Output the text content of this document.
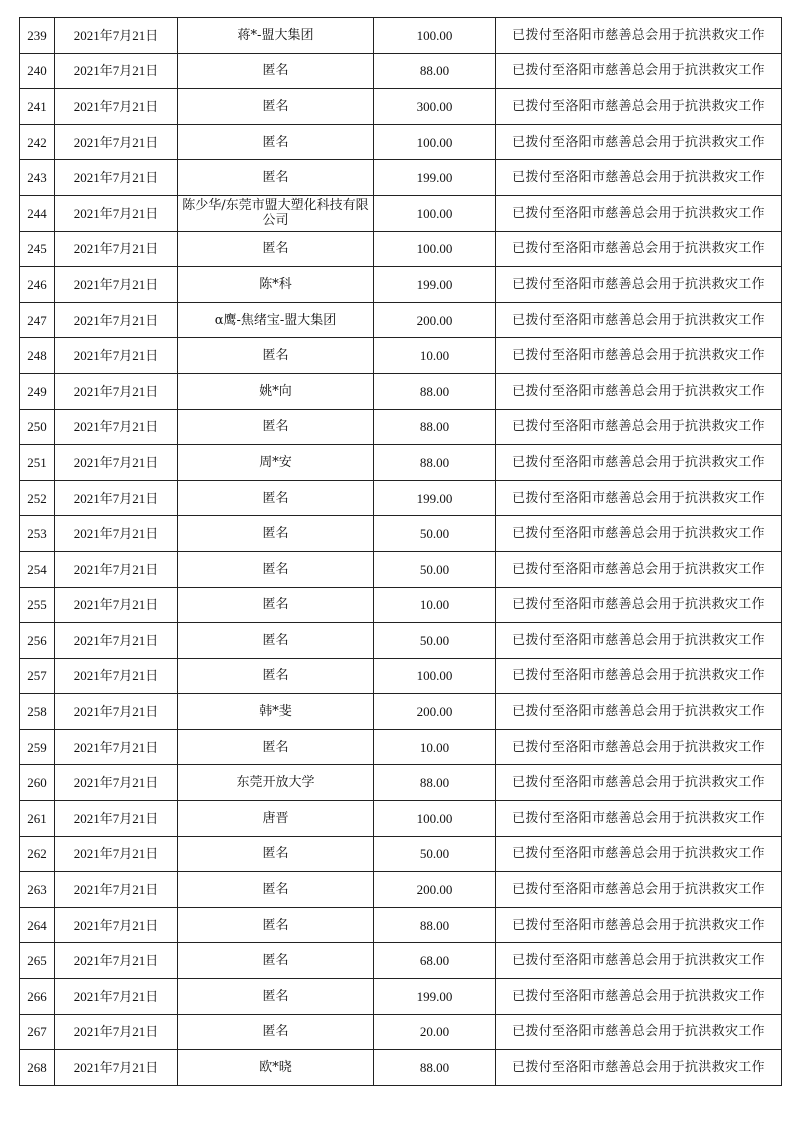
239	2021年7月21日	蒋*-盟大集团	100.00	已拨付至洛阳市慈善总会用于抗洪救灾工作
240	2021年7月21日	匿名	88.00	已拨付至洛阳市慈善总会用于抗洪救灾工作
241	2021年7月21日	匿名	300.00	已拨付至洛阳市慈善总会用于抗洪救灾工作
242	2021年7月21日	匿名	100.00	已拨付至洛阳市慈善总会用于抗洪救灾工作
243	2021年7月21日	匿名	199.00	已拨付至洛阳市慈善总会用于抗洪救灾工作
244	2021年7月21日	陈少华/东莞市盟大塑化科技有限公司	100.00	已拨付至洛阳市慈善总会用于抗洪救灾工作
245	2021年7月21日	匿名	100.00	已拨付至洛阳市慈善总会用于抗洪救灾工作
246	2021年7月21日	陈*科	199.00	已拨付至洛阳市慈善总会用于抗洪救灾工作
247	2021年7月21日	α鹰-焦绪宝-盟大集团	200.00	已拨付至洛阳市慈善总会用于抗洪救灾工作
248	2021年7月21日	匿名	10.00	已拨付至洛阳市慈善总会用于抗洪救灾工作
249	2021年7月21日	姚*向	88.00	已拨付至洛阳市慈善总会用于抗洪救灾工作
250	2021年7月21日	匿名	88.00	已拨付至洛阳市慈善总会用于抗洪救灾工作
251	2021年7月21日	周*安	88.00	已拨付至洛阳市慈善总会用于抗洪救灾工作
252	2021年7月21日	匿名	199.00	已拨付至洛阳市慈善总会用于抗洪救灾工作
253	2021年7月21日	匿名	50.00	已拨付至洛阳市慈善总会用于抗洪救灾工作
254	2021年7月21日	匿名	50.00	已拨付至洛阳市慈善总会用于抗洪救灾工作
255	2021年7月21日	匿名	10.00	已拨付至洛阳市慈善总会用于抗洪救灾工作
256	2021年7月21日	匿名	50.00	已拨付至洛阳市慈善总会用于抗洪救灾工作
257	2021年7月21日	匿名	100.00	已拨付至洛阳市慈善总会用于抗洪救灾工作
258	2021年7月21日	韩*斐	200.00	已拨付至洛阳市慈善总会用于抗洪救灾工作
259	2021年7月21日	匿名	10.00	已拨付至洛阳市慈善总会用于抗洪救灾工作
260	2021年7月21日	东莞开放大学	88.00	已拨付至洛阳市慈善总会用于抗洪救灾工作
261	2021年7月21日	唐晋	100.00	已拨付至洛阳市慈善总会用于抗洪救灾工作
262	2021年7月21日	匿名	50.00	已拨付至洛阳市慈善总会用于抗洪救灾工作
263	2021年7月21日	匿名	200.00	已拨付至洛阳市慈善总会用于抗洪救灾工作
264	2021年7月21日	匿名	88.00	已拨付至洛阳市慈善总会用于抗洪救灾工作
265	2021年7月21日	匿名	68.00	已拨付至洛阳市慈善总会用于抗洪救灾工作
266	2021年7月21日	匿名	199.00	已拨付至洛阳市慈善总会用于抗洪救灾工作
267	2021年7月21日	匿名	20.00	已拨付至洛阳市慈善总会用于抗洪救灾工作
268	2021年7月21日	欧*晓	88.00	已拨付至洛阳市慈善总会用于抗洪救灾工作
